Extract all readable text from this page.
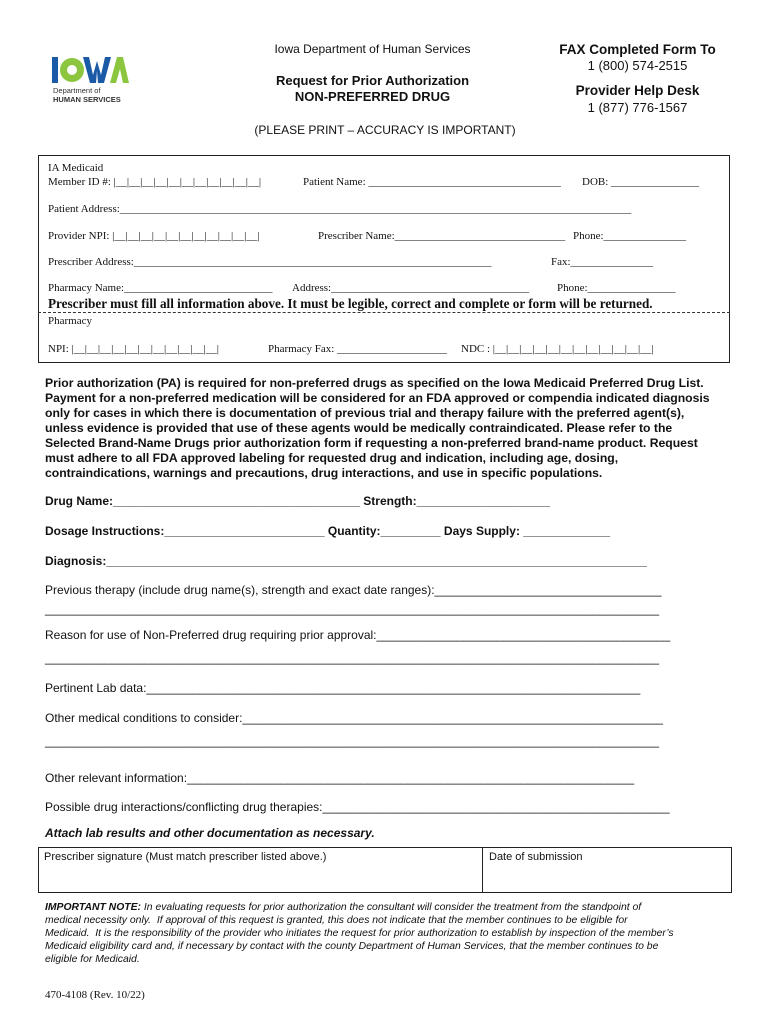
Department of
HUMAN SERVICES
Iowa Department of Human Services
Request for Prior Authorization
NON-PREFERRED DRUG
FAX Completed Form To
1 (800) 574-2515
Provider Help Desk
1 (877) 776-1567
(PLEASE PRINT – ACCURACY IS IMPORTANT)
IA Medicaid
Member ID #: |__|__|__|__|__|__|__|__|__|__|__|	Patient Name: ___________________________________ DOB: ________________
Patient Address:_____________________________________________________________________________________________
Provider NPI: |__|__|__|__|__|__|__|__|__|__|__|	Prescriber Name:_______________________________ Phone:_______________
Prescriber Address:_________________________________________________________________	Fax:_______________
Pharmacy Name:___________________________ Address:____________________________________	Phone:________________
Prescriber must fill all information above. It must be legible, correct and complete or form will be returned.
Pharmacy
NPI: |__|__|__|__|__|__|__|__|__|__|__|	Pharmacy Fax: ____________________ NDC : |__|__|__|__|__|__|__|__|__|__|__|__|
Prior authorization (PA) is required for non-preferred drugs as specified on the Iowa Medicaid Preferred Drug List.
Payment for a non-preferred medication will be considered for an FDA approved or compendia indicated diagnosis
only for cases in which there is documentation of previous trial and therapy failure with the preferred agent(s),
unless evidence is provided that use of these agents would be medically contraindicated. Please refer to the
Selected Brand-Name Drugs prior authorization form if requesting a non-preferred brand-name product. Request
must adhere to all FDA approved labeling for requested drug and indication, including age, dosing,
contraindications, warnings and precautions, drug interactions, and use in specific populations.
Drug Name:_____________________________________ Strength:____________________
Dosage Instructions:________________________ Quantity:_________ Days Supply: _____________
Diagnosis:_________________________________________________________________________________
Previous therapy (include drug name(s), strength and exact date ranges):__________________________________
____________________________________________________________________________________________
Reason for use of Non-Preferred drug requiring prior approval:____________________________________________
____________________________________________________________________________________________
Pertinent Lab data:__________________________________________________________________________
Other medical conditions to consider:_______________________________________________________________
____________________________________________________________________________________________
Other relevant information:___________________________________________________________________
Possible drug interactions/conflicting drug therapies:____________________________________________________
Attach lab results and other documentation as necessary.
Prescriber signature (Must match prescriber listed above.)	Date of submission
IMPORTANT NOTE: In evaluating requests for prior authorization the consultant will consider the treatment from the standpoint of
medical necessity only.  If approval of this request is granted, this does not indicate that the member continues to be eligible for
Medicaid.  It is the responsibility of the provider who initiates the request for prior authorization to establish by inspection of the member’s
Medicaid eligibility card and, if necessary by contact with the county Department of Human Services, that the member continues to be
eligible for Medicaid.
470-4108 (Rev. 10/22)
